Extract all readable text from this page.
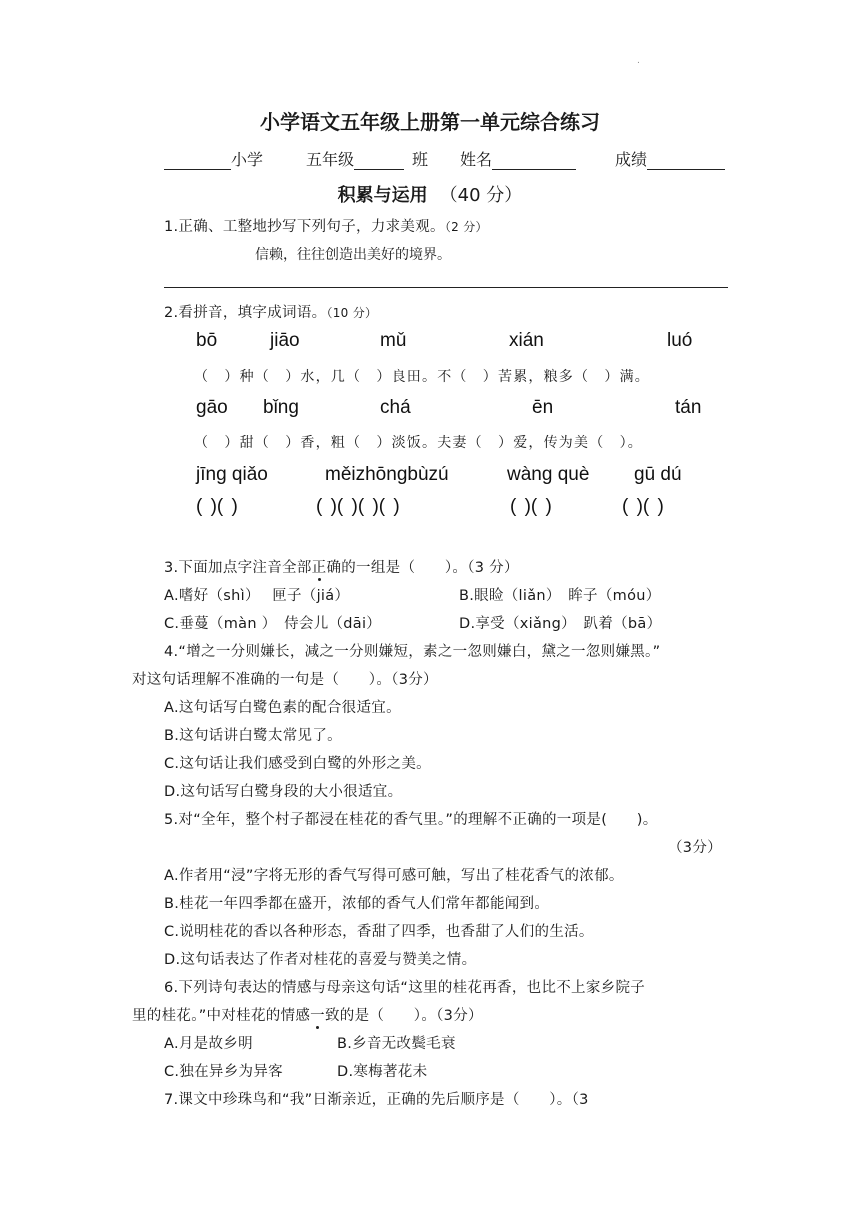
.
小学语文五年级上册第一单元综合练习
小学	五年级	班 姓名	成绩
积累与运用 （40 分）
1.正确、工整地抄写下列句子，力求美观。（2 分）
信赖，往往创造出美好的境界。
2.看拼音，填字成词语。（10 分）
bō	jiāo	mǔ	xián	luó
（　）种（　）水，几（　）良田。不（　）苦累，粮多（　）满。
gāo bǐng	chá	ēn	tán
（　）甜（　）香，粗（　）淡饭。夫妻（　）爱，传为美（　）。
jīng qiǎo	měizhōngbùzú	wàng què gū dú
( )( )	( )( )( )( )	( )( )	( )( )
3.下面加点字注音全部正确的一组是（　　）。（3 分）
A.嗜好（shì）　 匣子（jiá）	B.眼睑（liǎn）　眸子（móu）
C.垂蔓（màn ）　侍会儿（dāi）	D.享受（xiǎng）　趴着（bā）
4.“增之一分则嫌长，减之一分则嫌短，素之一忽则嫌白，黛之一忽则嫌黑。”
对这句话理解不准确的一句是（　　）。（3分）
A.这句话写白鹭色素的配合很适宜。
B.这句话讲白鹭太常见了。
C.这句话让我们感受到白鹭的外形之美。
D.这句话写白鹭身段的大小很适宜。
5.对“全年，整个村子都浸在桂花的香气里。”的理解不正确的一项是(　　)。
（3分）
A.作者用“浸”字将无形的香气写得可感可触，写出了桂花香气的浓郁。
B.桂花一年四季都在盛开，浓郁的香气人们常年都能闻到。
C.说明桂花的香以各种形态，香甜了四季，也香甜了人们的生活。
D.这句话表达了作者对桂花的喜爱与赞美之情。
6.下列诗句表达的情感与母亲这句话“这里的桂花再香，也比不上家乡院子
里的桂花。”中对桂花的情感一致的是（　　）。（3分）
A.月是故乡明	B.乡音无改鬓毛衰
C.独在异乡为异客	D.寒梅著花未
7.课文中珍珠鸟和“我”日渐亲近，正确的先后顺序是（　　）。（3
